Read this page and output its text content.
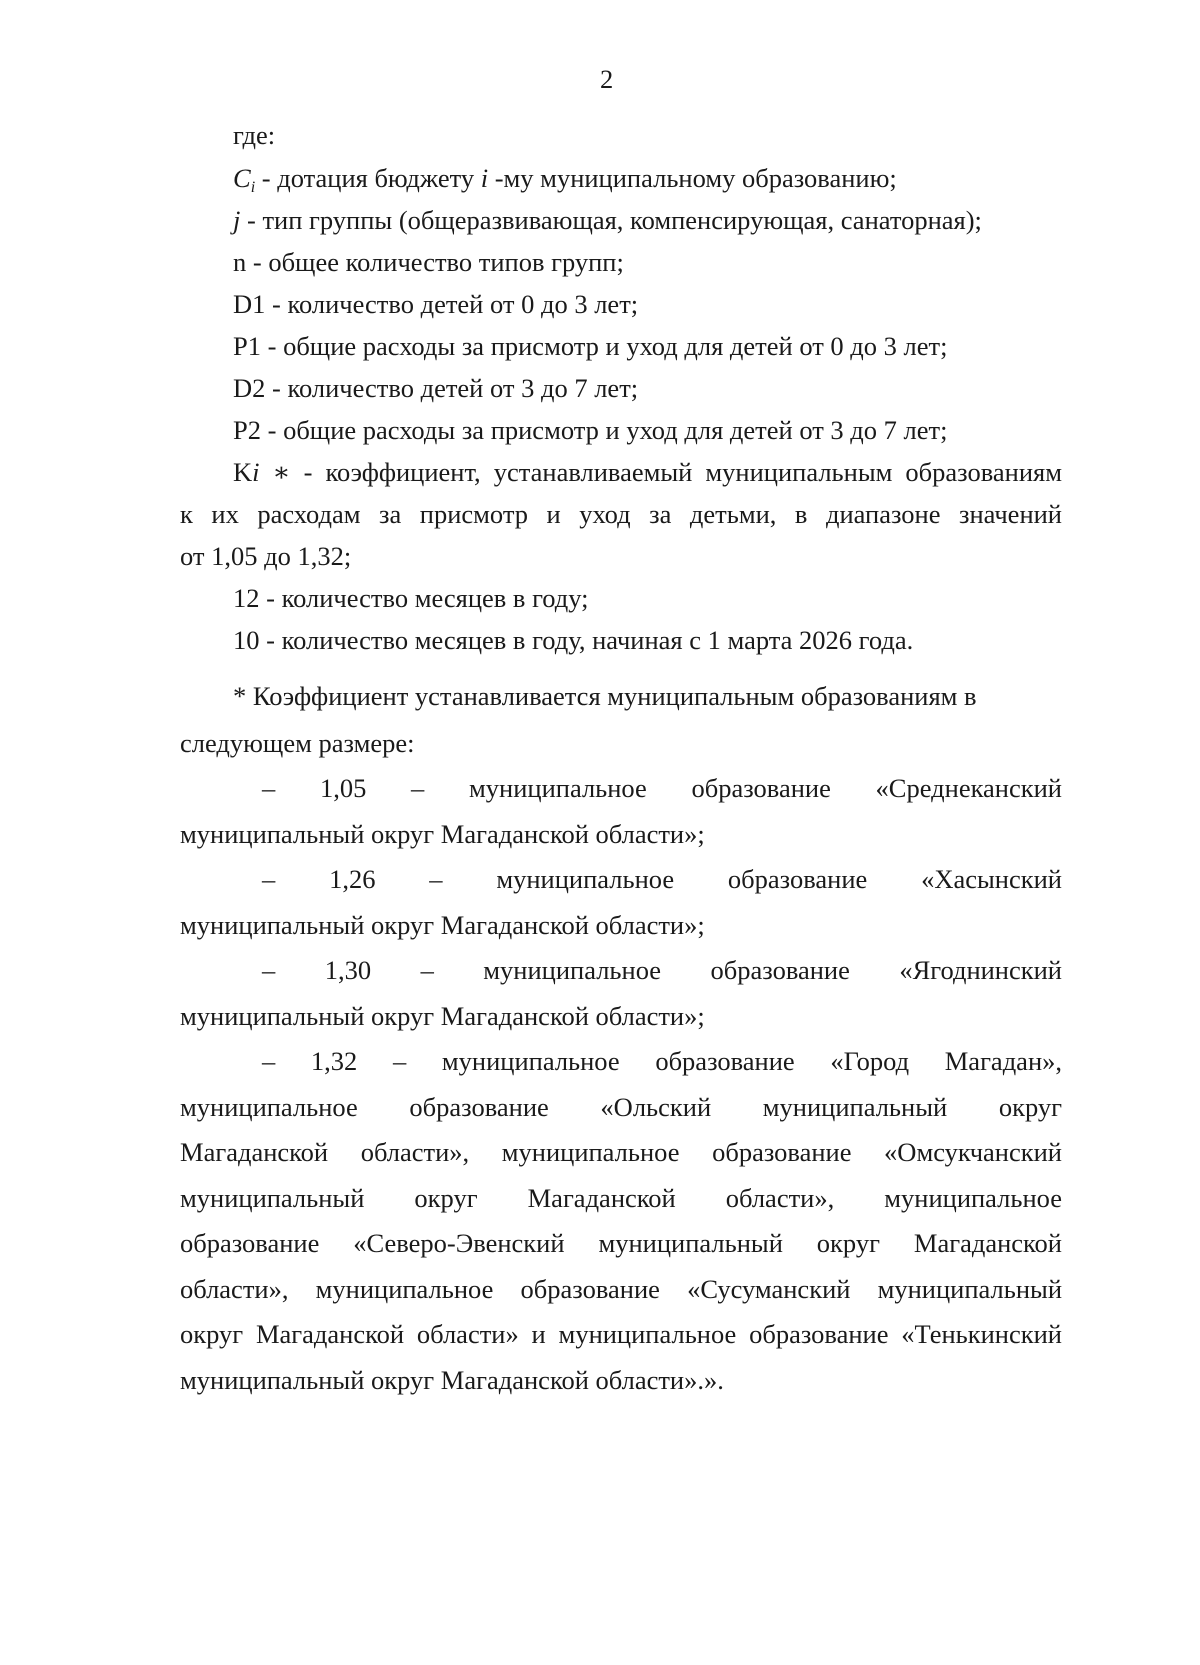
2
где:
$C_i$ - дотация бюджету i -му муниципальному образованию;
j - тип группы (общеразвивающая, компенсирующая, санаторная);
n - общее количество типов групп;
D1 - количество детей от 0 до 3 лет;
P1 - общие расходы за присмотр и уход для детей от 0 до 3 лет;
D2 - количество детей от 3 до 7 лет;
P2 - общие расходы за присмотр и уход для детей от 3 до 7 лет;
Ki ∗ - коэффициент, устанавливаемый муниципальным образованиям
к их расходам за присмотр и уход за детьми, в диапазоне значений
от 1,05 до 1,32;
12 - количество месяцев в году;
10 - количество месяцев в году, начиная с 1 марта 2026 года.
* Коэффициент устанавливается муниципальным образованиям в
следующем размере:
– 1,05 – муниципальное образование «Среднеканский
муниципальный округ Магаданской области»;
– 1,26 – муниципальное образование «Хасынский
муниципальный округ Магаданской области»;
– 1,30 – муниципальное образование «Ягоднинский
муниципальный округ Магаданской области»;
– 1,32 – муниципальное образование «Город Магадан»,
муниципальное образование «Ольский муниципальный округ
Магаданской области», муниципальное образование «Омсукчанский
муниципальный округ Магаданской области», муниципальное
образование «Северо-Эвенский муниципальный округ Магаданской
области», муниципальное образование «Сусуманский муниципальный
округ Магаданской области» и муниципальное образование «Тенькинский
муниципальный округ Магаданской области».».
